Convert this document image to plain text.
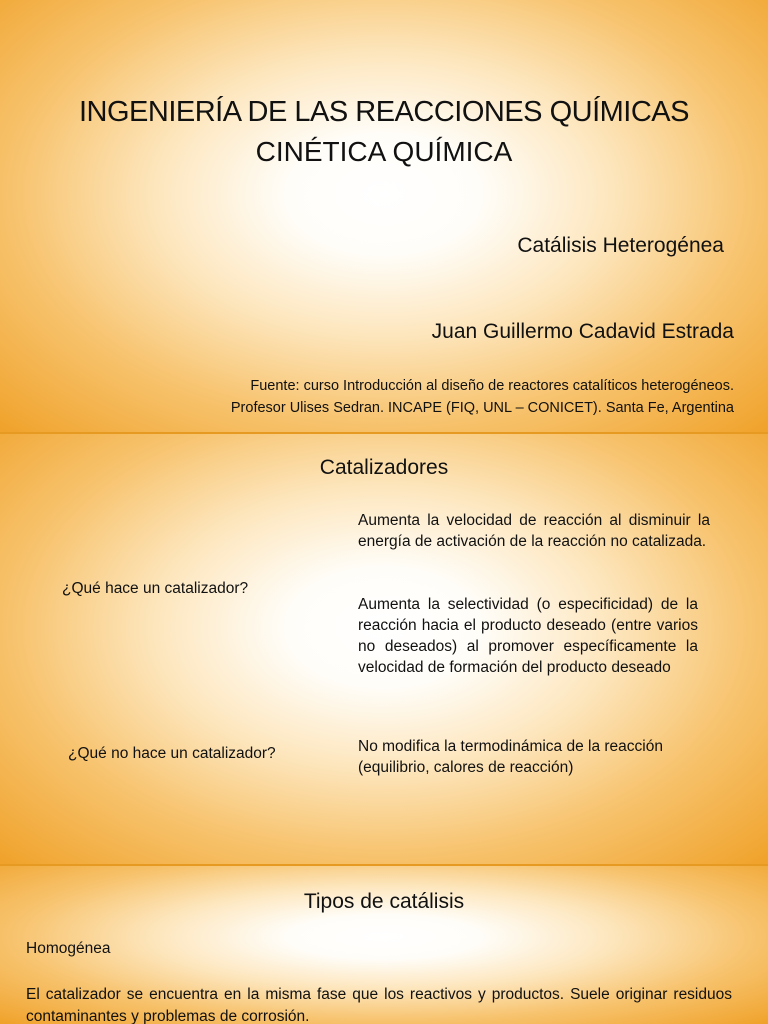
INGENIERÍA DE LAS REACCIONES QUÍMICAS
CINÉTICA QUÍMICA
Catálisis Heterogénea
Juan Guillermo Cadavid Estrada
Fuente: curso Introducción al diseño de reactores catalíticos heterogéneos.
Profesor Ulises Sedran. INCAPE (FIQ, UNL – CONICET). Santa Fe, Argentina
Catalizadores
¿Qué hace un catalizador?
Aumenta la velocidad de reacción al disminuir la energía de activación de la reacción no catalizada.
Aumenta la selectividad (o especificidad) de la reacción hacia el producto deseado (entre varios no deseados) al promover específicamente la velocidad de formación del producto deseado
¿Qué no hace un catalizador?	No modifica la termodinámica de la reacción (equilibrio, calores de reacción)
Tipos de catálisis
Homogénea
El catalizador se encuentra en la misma fase que los reactivos y productos. Suele originar residuos contaminantes y problemas de corrosión.
